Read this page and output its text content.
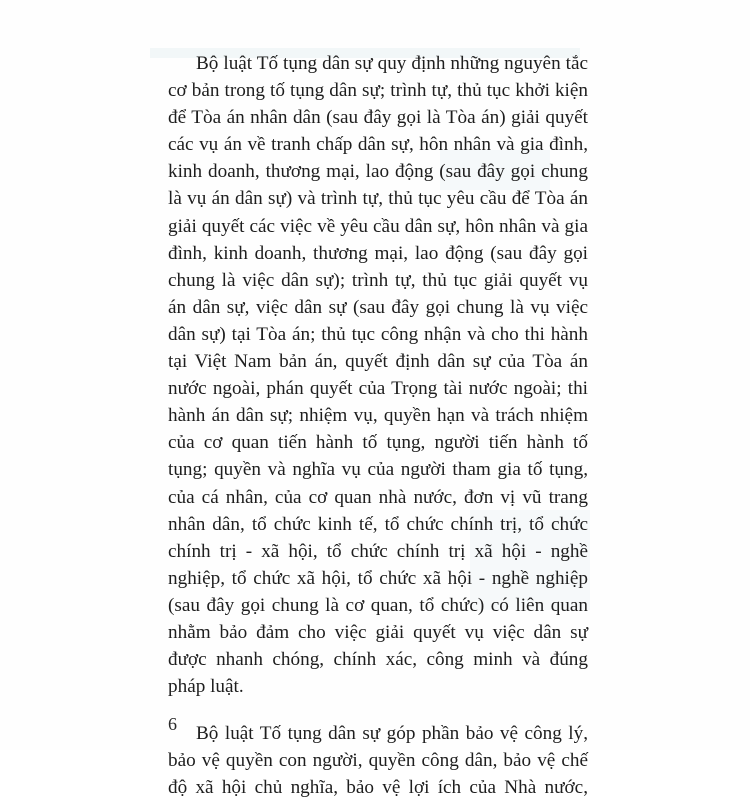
Bộ luật Tố tụng dân sự quy định những nguyên tắc
cơ bản trong tố tụng dân sự; trình tự, thủ tục khởi kiện
để Tòa án nhân dân (sau đây gọi là Tòa án) giải quyết
các vụ án về tranh chấp dân sự, hôn nhân và gia đình,
kinh doanh, thương mại, lao động (sau đây gọi chung
là vụ án dân sự) và trình tự, thủ tục yêu cầu để Tòa án
giải quyết các việc về yêu cầu dân sự, hôn nhân và gia
đình, kinh doanh, thương mại, lao động (sau đây gọi
chung là việc dân sự); trình tự, thủ tục giải quyết vụ
án dân sự, việc dân sự (sau đây gọi chung là vụ việc
dân sự) tại Tòa án; thủ tục công nhận và cho thi hành
tại Việt Nam bản án, quyết định dân sự của Tòa án
nước ngoài, phán quyết của Trọng tài nước ngoài; thi
hành án dân sự; nhiệm vụ, quyền hạn và trách nhiệm
của cơ quan tiến hành tố tụng, người tiến hành tố
tụng; quyền và nghĩa vụ của người tham gia tố tụng,
của cá nhân, của cơ quan nhà nước, đơn vị vũ trang
nhân dân, tổ chức kinh tế, tổ chức chính trị, tổ chức
chính trị - xã hội, tổ chức chính trị xã hội - nghề
nghiệp, tổ chức xã hội, tổ chức xã hội - nghề nghiệp
(sau đây gọi chung là cơ quan, tổ chức) có liên quan
nhằm bảo đảm cho việc giải quyết vụ việc dân sự
được nhanh chóng, chính xác, công minh và đúng
pháp luật.

Bộ luật Tố tụng dân sự góp phần bảo vệ công lý,
bảo vệ quyền con người, quyền công dân, bảo vệ chế
độ xã hội chủ nghĩa, bảo vệ lợi ích của Nhà nước,

6
